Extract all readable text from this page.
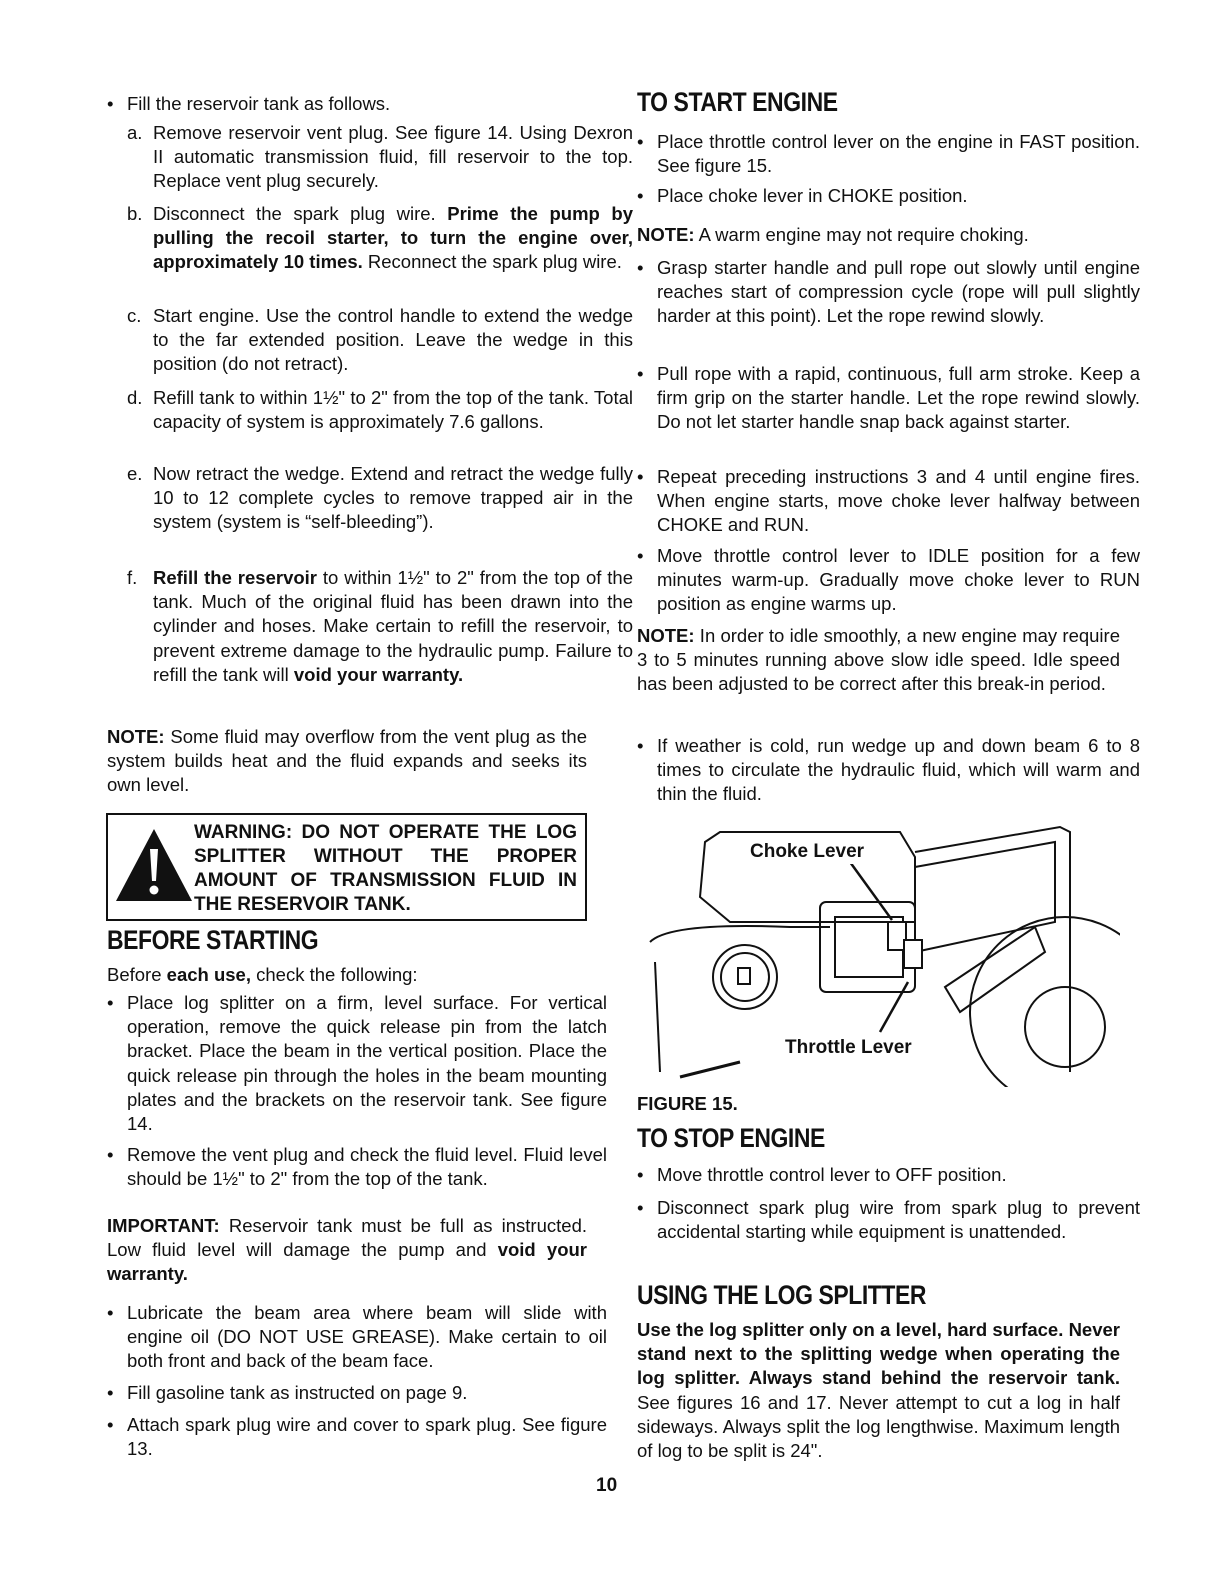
• Fill the reservoir tank as follows.
a. Remove reservoir vent plug. See figure 14. Using Dexron II automatic transmission fluid, fill reservoir to the top. Replace vent plug securely.
b. Disconnect the spark plug wire. Prime the pump by pulling the recoil starter, to turn the engine over, approximately 10 times. Reconnect the spark plug wire.
c. Start engine. Use the control handle to extend the wedge to the far extended position. Leave the wedge in this position (do not retract).
d. Refill tank to within 1½" to 2" from the top of the tank. Total capacity of system is approximately 7.6 gallons.
e. Now retract the wedge. Extend and retract the wedge fully 10 to 12 complete cycles to remove trapped air in the system (system is “self-bleeding”).
f. Refill the reservoir to within 1½" to 2" from the top of the tank. Much of the original fluid has been drawn into the cylinder and hoses. Make certain to refill the reservoir, to prevent extreme damage to the hydraulic pump. Failure to refill the tank will void your warranty.
NOTE: Some fluid may overflow from the vent plug as the system builds heat and the fluid expands and seeks its own level.
WARNING: DO NOT OPERATE THE LOG SPLITTER WITHOUT THE PROPER AMOUNT OF TRANSMISSION FLUID IN THE RESERVOIR TANK.
BEFORE STARTING
Before each use, check the following:
• Place log splitter on a firm, level surface. For vertical operation, remove the quick release pin from the latch bracket. Place the beam in the vertical position. Place the quick release pin through the holes in the beam mounting plates and the brackets on the reservoir tank. See figure 14.
• Remove the vent plug and check the fluid level. Fluid level should be 1½" to 2" from the top of the tank.
IMPORTANT: Reservoir tank must be full as instructed. Low fluid level will damage the pump and void your warranty.
• Lubricate the beam area where beam will slide with engine oil (DO NOT USE GREASE). Make certain to oil both front and back of the beam face.
• Fill gasoline tank as instructed on page 9.
• Attach spark plug wire and cover to spark plug. See figure 13.
TO START ENGINE
• Place throttle control lever on the engine in FAST position. See figure 15.
• Place choke lever in CHOKE position.
NOTE: A warm engine may not require choking.
• Grasp starter handle and pull rope out slowly until engine reaches start of compression cycle (rope will pull slightly harder at this point). Let the rope rewind slowly.
• Pull rope with a rapid, continuous, full arm stroke. Keep a firm grip on the starter handle. Let the rope rewind slowly. Do not let starter handle snap back against starter.
• Repeat preceding instructions 3 and 4 until engine fires. When engine starts, move choke lever halfway between CHOKE and RUN.
• Move throttle control lever to IDLE position for a few minutes warm-up. Gradually move choke lever to RUN position as engine warms up.
NOTE: In order to idle smoothly, a new engine may require 3 to 5 minutes running above slow idle speed. Idle speed has been adjusted to be correct after this break-in period.
• If weather is cold, run wedge up and down beam 6 to 8 times to circulate the hydraulic fluid, which will warm and thin the fluid.
Choke Lever
Throttle Lever
FIGURE 15.
TO STOP ENGINE
• Move throttle control lever to OFF position.
• Disconnect spark plug wire from spark plug to prevent accidental starting while equipment is unattended.
USING THE LOG SPLITTER
Use the log splitter only on a level, hard surface. Never stand next to the splitting wedge when operating the log splitter. Always stand behind the reservoir tank. See figures 16 and 17. Never attempt to cut a log in half sideways. Always split the log lengthwise. Maximum length of log to be split is 24".
10
